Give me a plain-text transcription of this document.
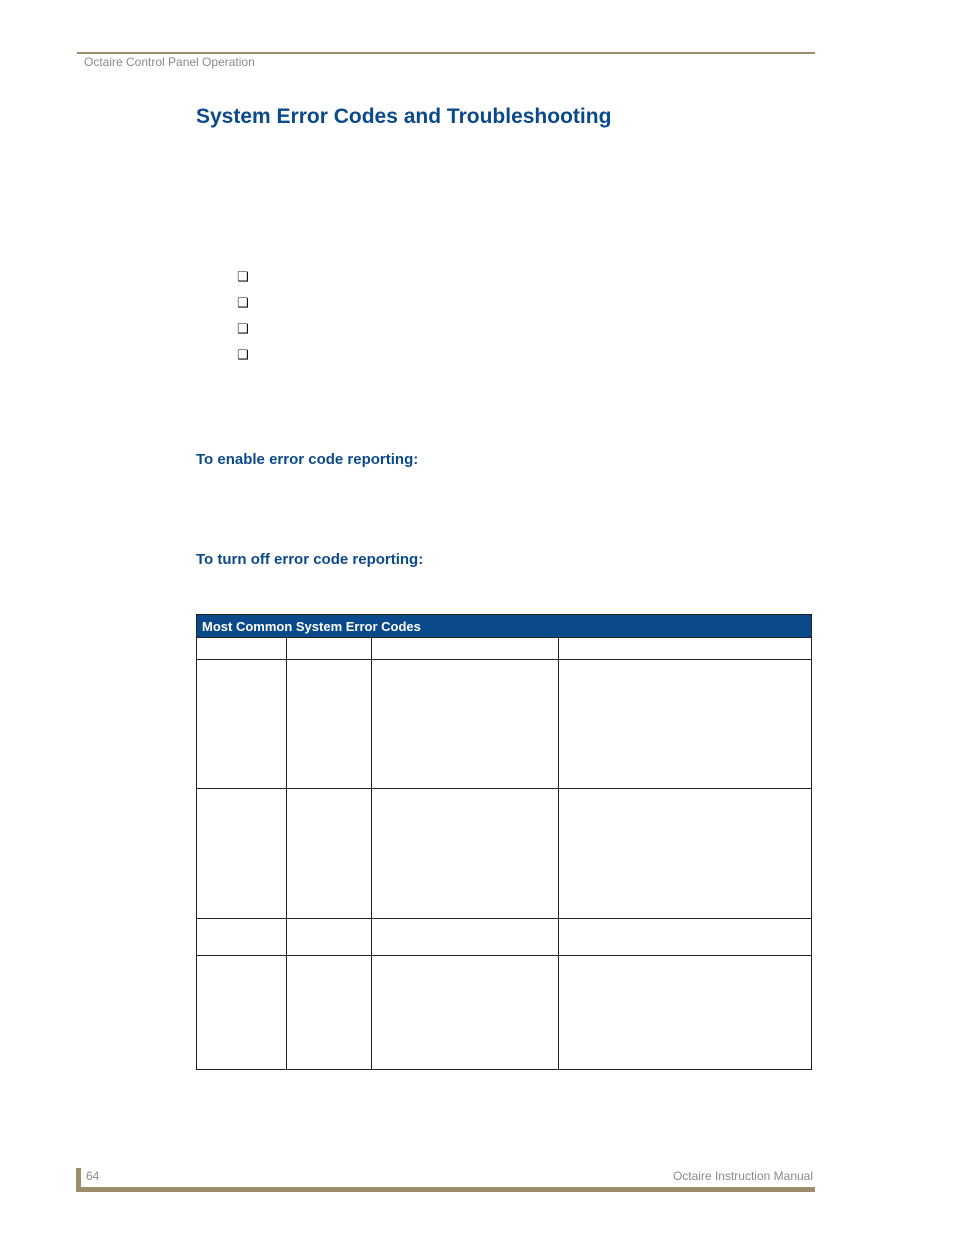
Octaire Control Panel Operation
System Error Codes and Troubleshooting
❑
❑
❑
❑
To enable error code reporting:
To turn off error code reporting:
Most Common System Error Codes			

64	Octaire Instruction Manual
